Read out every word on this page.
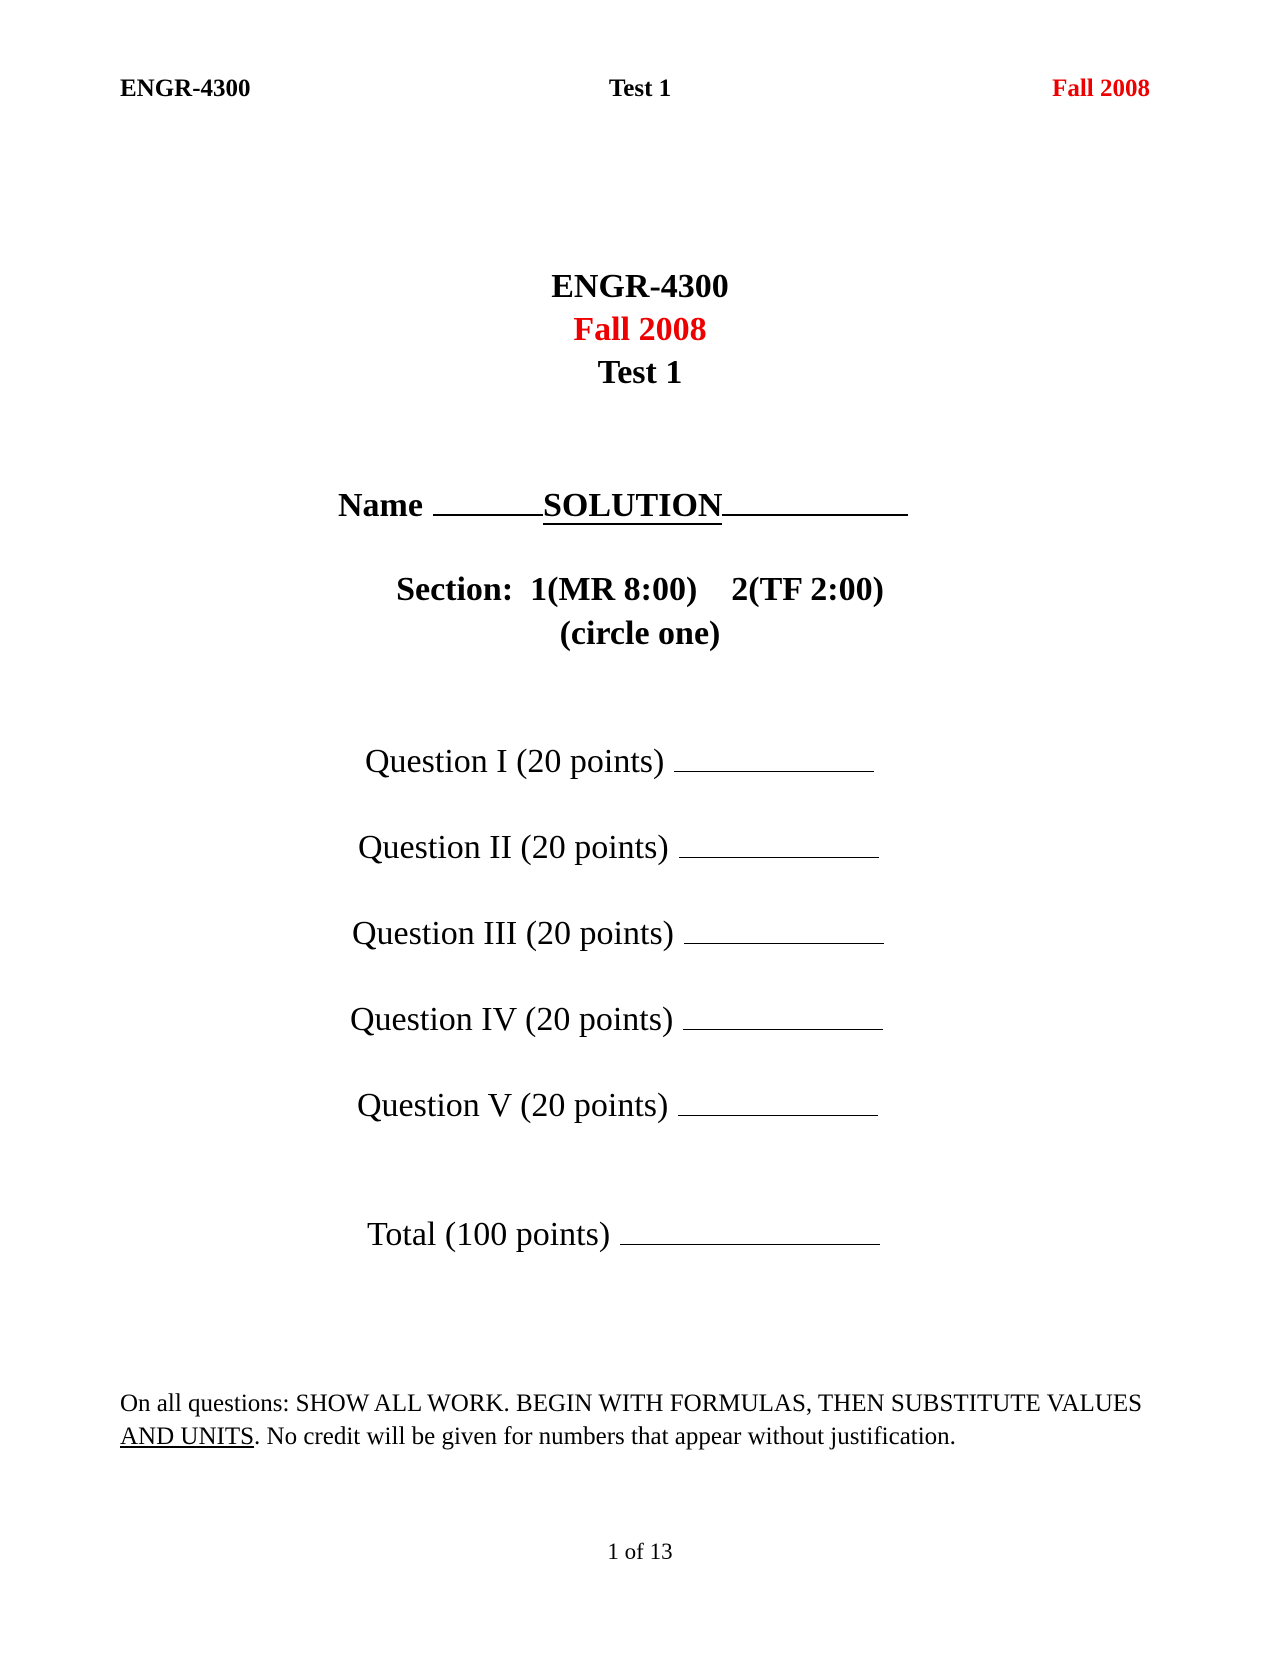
ENGR-4300	Test 1	Fall 2008
ENGR-4300
Fall 2008
Test 1
Name	SOLUTION
Section: 1(MR 8:00) 2(TF 2:00)
(circle one)
Question I (20 points)
Question II (20 points)
Question III (20 points)
Question IV (20 points)
Question V (20 points)
Total (100 points)
On all questions: SHOW ALL WORK. BEGIN WITH FORMULAS, THEN SUBSTITUTE VALUES AND UNITS. No credit will be given for numbers that appear without justification.
1 of 13
